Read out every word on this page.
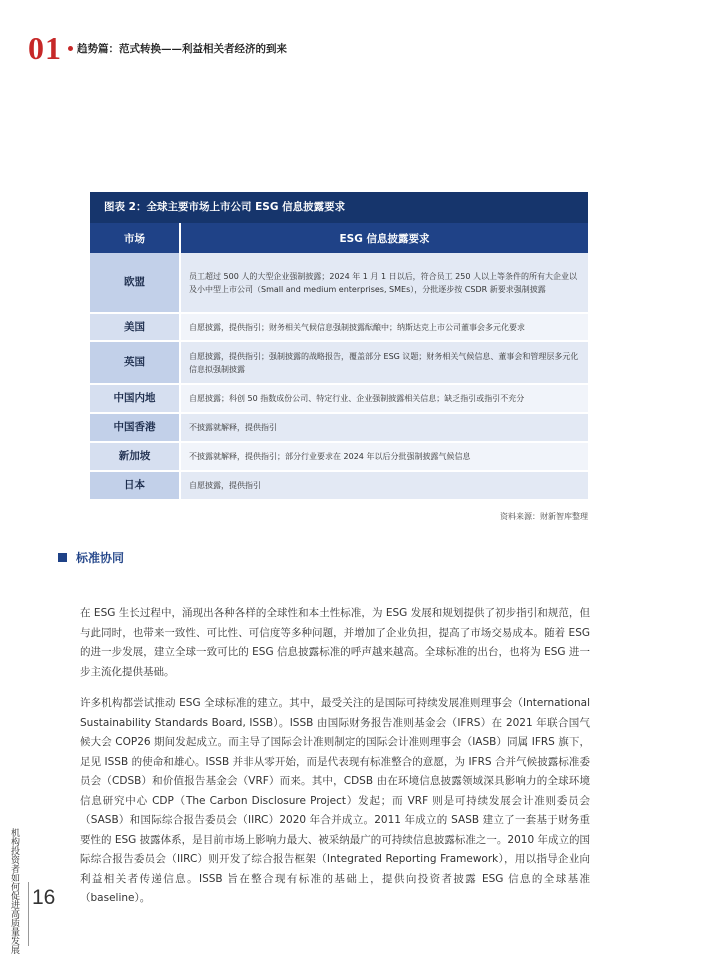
01 趋势篇：范式转换——利益相关者经济的到来
图表 2：全球主要市场上市公司 ESG 信息披露要求
市场	ESG 信息披露要求
欧盟	员工超过 500 人的大型企业强制披露；2024 年 1 月 1 日以后，符合员工 250 人以上等条件的所有大企业以及小中型上市公司（Small and medium enterprises, SMEs），分批逐步按 CSDR 新要求强制披露
美国	自愿披露，提供指引；财务相关气候信息强制披露酝酿中；纳斯达克上市公司董事会多元化要求
英国	自愿披露，提供指引；强制披露的战略报告，覆盖部分 ESG 议题；财务相关气候信息、董事会和管理层多元化信息拟强制披露
中国内地	自愿披露；科创 50 指数成份公司、特定行业、企业强制披露相关信息；缺乏指引或指引不充分
中国香港	不披露就解释，提供指引
新加坡	不披露就解释，提供指引；部分行业要求在 2024 年以后分批强制披露气候信息
日本	自愿披露，提供指引
资料来源：财新智库整理
标准协同

在 ESG 生长过程中，涌现出各种各样的全球性和本土性标准，为 ESG 发展和规划提供了初步指引和规范，但与此同时，也带来一致性、可比性、可信度等多种问题，并增加了企业负担，提高了市场交易成本。随着 ESG 的进一步发展，建立全球一致可比的 ESG 信息披露标准的呼声越来越高。全球标准的出台，也将为 ESG 进一步主流化提供基础。

许多机构都尝试推动 ESG 全球标准的建立。其中，最受关注的是国际可持续发展准则理事会（International Sustainability Standards Board, ISSB）。ISSB 由国际财务报告准则基金会（IFRS）在 2021 年联合国气候大会 COP26 期间发起成立。而主导了国际会计准则制定的国际会计准则理事会（IASB）同属 IFRS 旗下，足见 ISSB 的使命和雄心。ISSB 并非从零开始，而是代表现有标准整合的意愿，为 IFRS 合并气候披露标准委员会（CDSB）和价值报告基金会（VRF）而来。其中，CDSB 由在环境信息披露领域深具影响力的全球环境信息研究中心 CDP（The Carbon Disclosure Project）发起；而 VRF 则是可持续发展会计准则委员会（SASB）和国际综合报告委员会（IIRC）2020 年合并成立。2011 年成立的 SASB 建立了一套基于财务重要性的 ESG 披露体系，是目前市场上影响力最大、被采纳最广的可持续信息披露标准之一。2010 年成立的国际综合报告委员会（IIRC）则开发了综合报告框架（Integrated Reporting Framework），用以指导企业向利益相关者传递信息。ISSB 旨在整合现有标准的基础上，提供向投资者披露 ESG 信息的全球基准（baseline）。

机构投资者如何促进高质量发展 16
